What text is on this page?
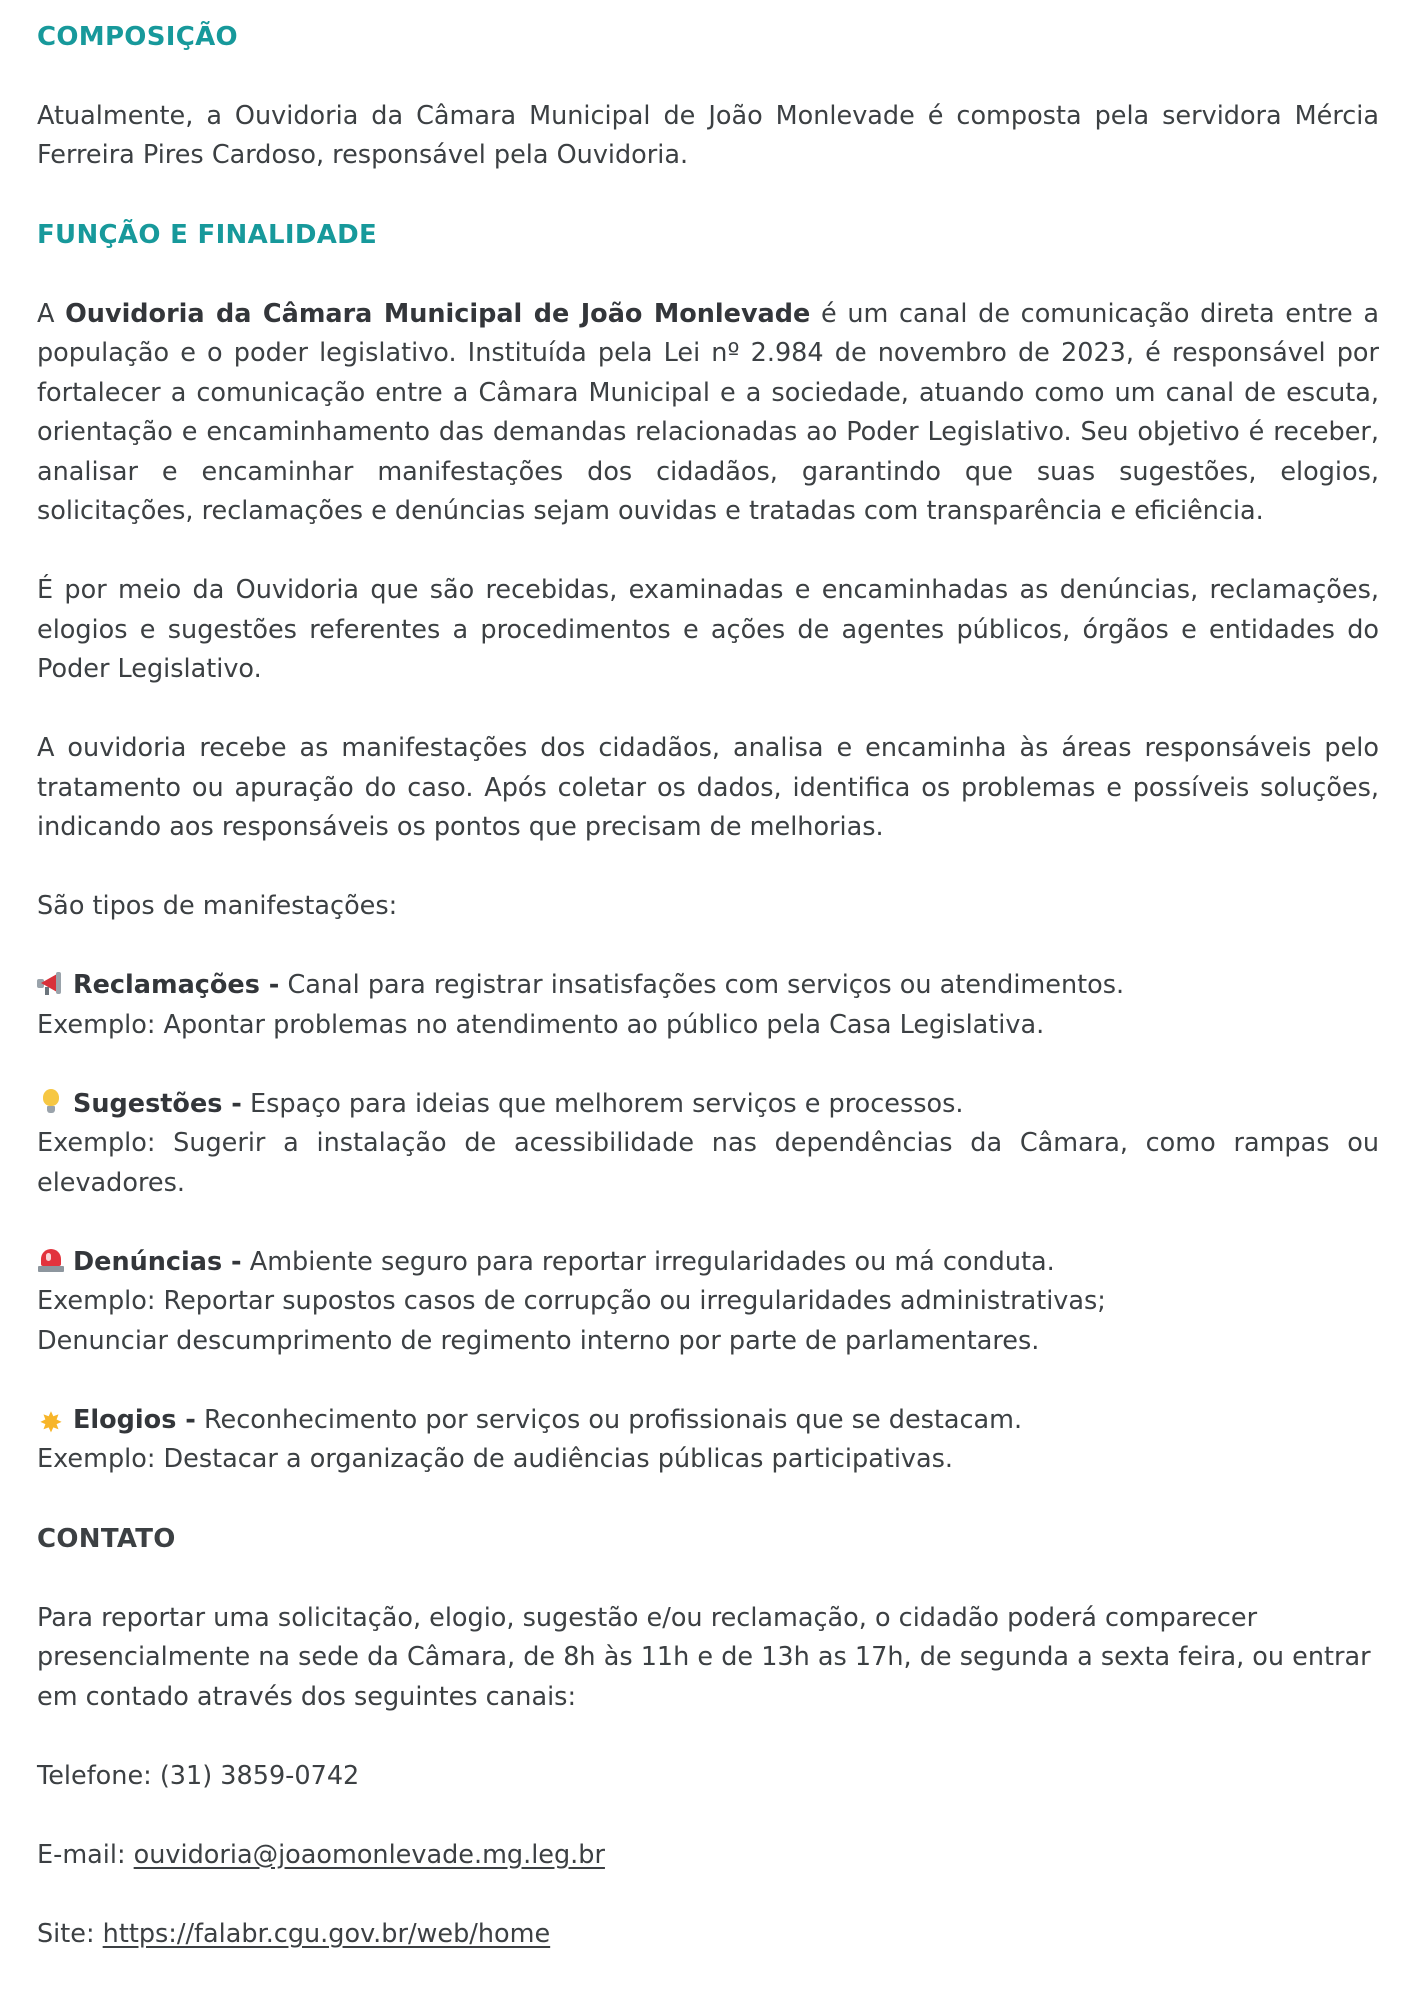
COMPOSIÇÃO

Atualmente, a Ouvidoria da Câmara Municipal de João Monlevade é composta pela servidora Mércia Ferreira Pires Cardoso, responsável pela Ouvidoria.

FUNÇÃO E FINALIDADE

A Ouvidoria da Câmara Municipal de João Monlevade é um canal de comunicação direta entre a população e o poder legislativo. Instituída pela Lei nº 2.984 de novembro de 2023, é responsável por fortalecer a comunicação entre a Câmara Municipal e a sociedade, atuando como um canal de escuta, orientação e encaminhamento das demandas relacionadas ao Poder Legislativo. Seu objetivo é receber, analisar e encaminhar manifestações dos cidadãos, garantindo que suas sugestões, elogios, solicitações, reclamações e denúncias sejam ouvidas e tratadas com transparência e eficiência.

É por meio da Ouvidoria que são recebidas, examinadas e encaminhadas as denúncias, reclamações, elogios e sugestões referentes a procedimentos e ações de agentes públicos, órgãos e entidades do Poder Legislativo.

A ouvidoria recebe as manifestações dos cidadãos, analisa e encaminha às áreas responsáveis pelo tratamento ou apuração do caso. Após coletar os dados, identifica os problemas e possíveis soluções, indicando aos responsáveis os pontos que precisam de melhorias.

São tipos de manifestações:

Reclamações - Canal para registrar insatisfações com serviços ou atendimentos.

Exemplo: Apontar problemas no atendimento ao público pela Casa Legislativa.

Sugestões - Espaço para ideias que melhorem serviços e processos.

Exemplo: Sugerir a instalação de acessibilidade nas dependências da Câmara, como rampas ou elevadores.

Denúncias - Ambiente seguro para reportar irregularidades ou má conduta.

Exemplo: Reportar supostos casos de corrupção ou irregularidades administrativas;

Denunciar descumprimento de regimento interno por parte de parlamentares.

✸ Elogios - Reconhecimento por serviços ou profissionais que se destacam.

Exemplo: Destacar a organização de audiências públicas participativas.

CONTATO

Para reportar uma solicitação, elogio, sugestão e/ou reclamação, o cidadão poderá comparecer presencialmente na sede da Câmara, de 8h às 11h e de 13h as 17h, de segunda a sexta feira, ou entrar em contado através dos seguintes canais:

Telefone: (31) 3859-0742

E-mail: ouvidoria@joaomonlevade.mg.leg.br

Site: https://falabr.cgu.gov.br/web/home
